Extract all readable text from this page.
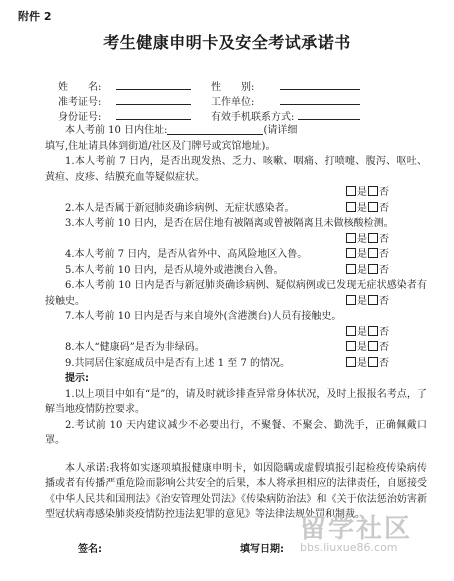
附件 2
考生健康申明卡及安全考试承诺书
姓　　名:	性　　别:
准考证号:	工作单位:
身份证号:	有效手机联系方式:

本人考前 10 日内住址:	(请详细

填写,住址请具体到街道/社区及门牌号或宾馆地址)。

1.本人考前 7 日内，是否出现发热、乏力、咳嗽、咽痛、打喷嚏、腹泻、呕吐、黄疸、皮疹、结膜充血等疑似症状。

是 否

2.本人是否属于新冠肺炎确诊病例、无症状感染者。	是 否

3.本人考前 10 日内，是否在居住地有被隔离或曾被隔离且未做核酸检测。

是 否

4.本人考前 7 日内，是否从省外中、高风险地区入鲁。	是 否

5.本人考前 10 日内，是否从境外或港澳台入鲁。	是 否

6.本人考前 10 日内是否与新冠肺炎确诊病例、疑似病例或已发现无症状感染者有接触史。	是 否

7.本人考前 10 日内是否与来自境外(含港澳台)人员有接触史。

是 否

8.本人“健康码”是否为非绿码。	是 否

9.共同居住家庭成员中是否有上述 1 至 7 的情况。	是 否

提示:

1.以上项目中如有“是”的，请及时就诊排查异常身体状况，及时上报报名考点，了解当地疫情防控要求。

2.考试前 10 天内建议减少不必要出行，不聚餐、不聚会、勤洗手，正确佩戴口罩。

本人承诺:我将如实逐项填报健康申明卡，如因隐瞒或虚假填报引起检疫传染病传播或者有传播严重危险而影响公共安全的后果，本人将承担相应的法律责任，自愿接受《中华人民共和国刑法》《治安管理处罚法》《传染病防治法》和《关于依法惩治妨害新型冠状病毒感染肺炎疫情防控违法犯罪的意见》等法律法规处罚和制裁。

签名:	填写日期:
留学社区
bbs.liuxue86.com
